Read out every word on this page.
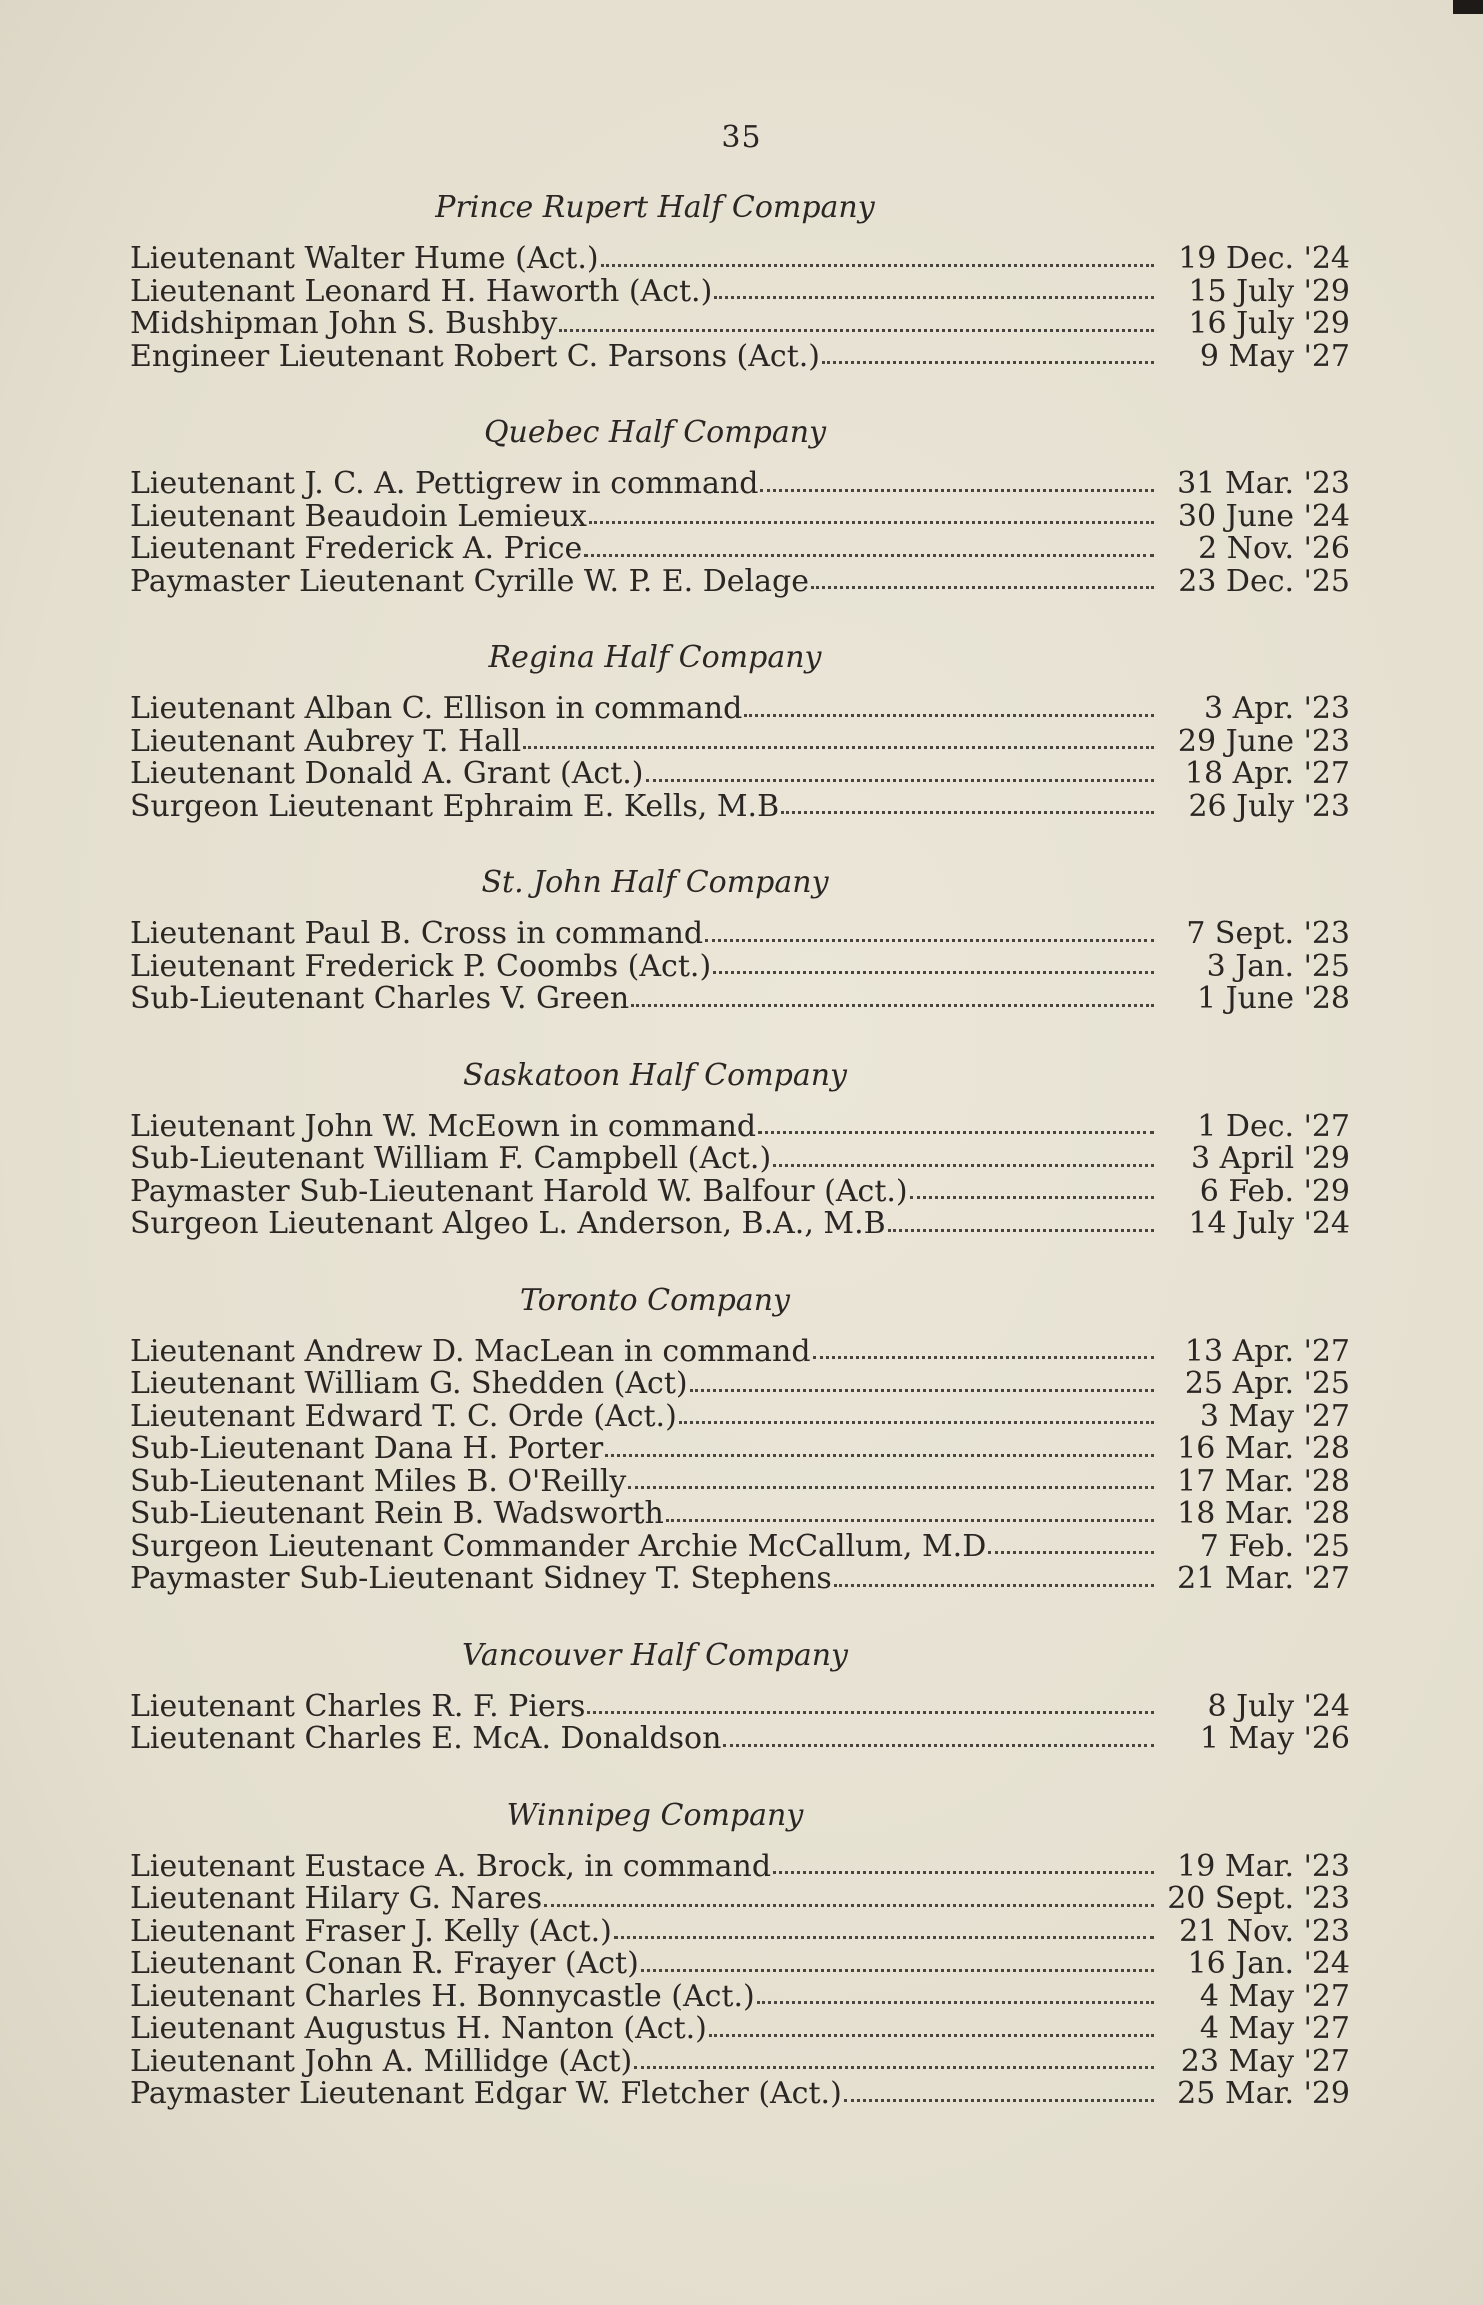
35
Prince Rupert Half Company
Lieutenant Walter Hume (Act.)	19 Dec. '24
Lieutenant Leonard H. Haworth (Act.)	15 July '29
Midshipman John S. Bushby	16 July '29
Engineer Lieutenant Robert C. Parsons (Act.)	9 May '27
Quebec Half Company
Lieutenant J. C. A. Pettigrew in command	31 Mar. '23
Lieutenant Beaudoin Lemieux	30 June '24
Lieutenant Frederick A. Price	2 Nov. '26
Paymaster Lieutenant Cyrille W. P. E. Delage	23 Dec. '25
Regina Half Company
Lieutenant Alban C. Ellison in command	3 Apr. '23
Lieutenant Aubrey T. Hall	29 June '23
Lieutenant Donald A. Grant (Act.)	18 Apr. '27
Surgeon Lieutenant Ephraim E. Kells, M.B	26 July '23
St. John Half Company
Lieutenant Paul B. Cross in command	7 Sept. '23
Lieutenant Frederick P. Coombs (Act.)	3 Jan. '25
Sub-Lieutenant Charles V. Green	1 June '28
Saskatoon Half Company
Lieutenant John W. McEown in command	1 Dec. '27
Sub-Lieutenant William F. Campbell (Act.)	3 April '29
Paymaster Sub-Lieutenant Harold W. Balfour (Act.)	6 Feb. '29
Surgeon Lieutenant Algeo L. Anderson, B.A., M.B	14 July '24
Toronto Company
Lieutenant Andrew D. MacLean in command	13 Apr. '27
Lieutenant William G. Shedden (Act)	25 Apr. '25
Lieutenant Edward T. C. Orde (Act.)	3 May '27
Sub-Lieutenant Dana H. Porter	16 Mar. '28
Sub-Lieutenant Miles B. O'Reilly	17 Mar. '28
Sub-Lieutenant Rein B. Wadsworth	18 Mar. '28
Surgeon Lieutenant Commander Archie McCallum, M.D	7 Feb. '25
Paymaster Sub-Lieutenant Sidney T. Stephens	21 Mar. '27
Vancouver Half Company
Lieutenant Charles R. F. Piers	8 July '24
Lieutenant Charles E. McA. Donaldson	1 May '26
Winnipeg Company
Lieutenant Eustace A. Brock, in command	19 Mar. '23
Lieutenant Hilary G. Nares	20 Sept. '23
Lieutenant Fraser J. Kelly (Act.)	21 Nov. '23
Lieutenant Conan R. Frayer (Act)	16 Jan. '24
Lieutenant Charles H. Bonnycastle (Act.)	4 May '27
Lieutenant Augustus H. Nanton (Act.)	4 May '27
Lieutenant John A. Millidge (Act)	23 May '27
Paymaster Lieutenant Edgar W. Fletcher (Act.)	25 Mar. '29
